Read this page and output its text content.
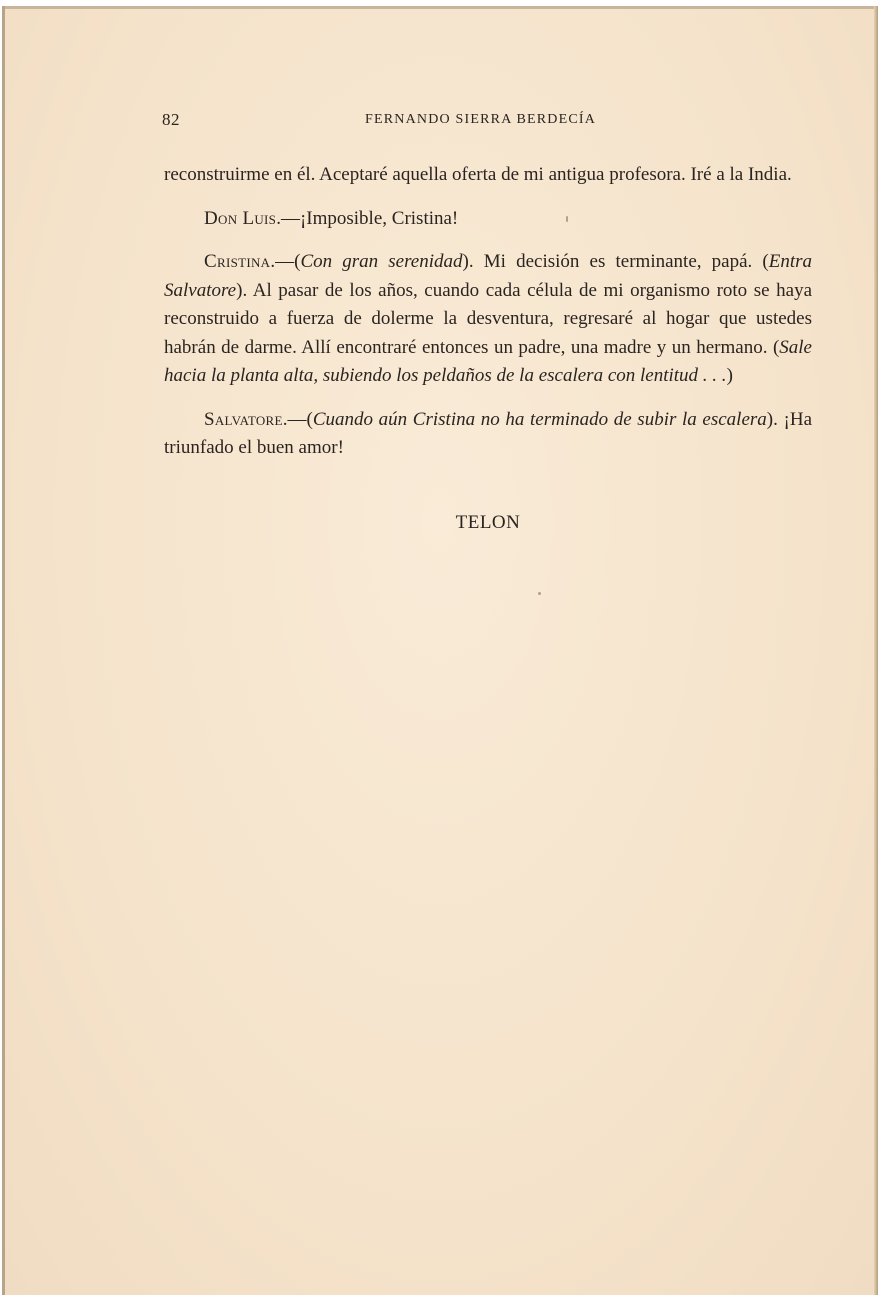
82	FERNANDO SIERRA BERDECÍA

reconstruirme en él. Aceptaré aquella oferta de mi antigua profesora. Iré a la India.

Don Luis.—¡Imposible, Cristina!

Cristina.—(Con gran serenidad). Mi decisión es terminante, papá. (Entra Salvatore). Al pasar de los años, cuando cada célula de mi organismo roto se haya reconstruido a fuerza de dolerme la desventura, regresaré al hogar que ustedes habrán de darme. Allí encontraré entonces un padre, una madre y un hermano. (Sale hacia la planta alta, subiendo los peldaños de la escalera con lentitud . . .)

Salvatore.—(Cuando aún Cristina no ha terminado de subir la escalera). ¡Ha triunfado el buen amor!

TELON
